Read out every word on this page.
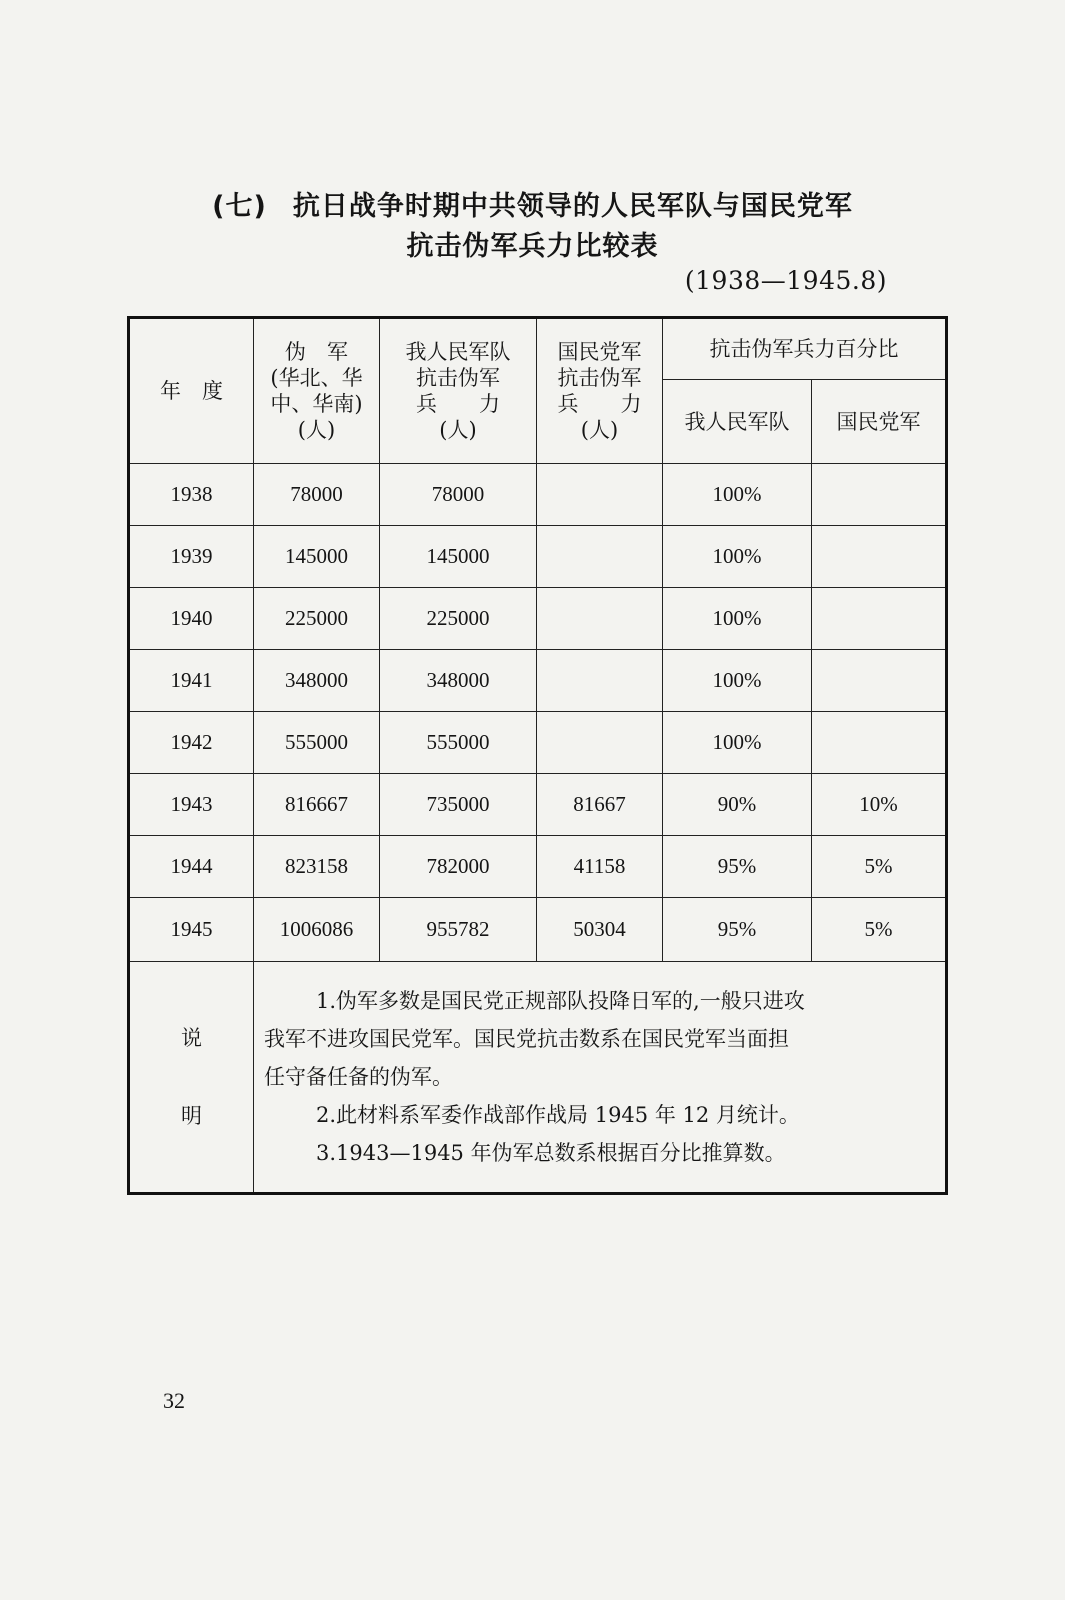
(七) 抗日战争时期中共领导的人民军队与国民党军
抗击伪军兵力比较表
(1938—1945.8)
年　度	伪　军
(华北、华
中、华南)
(人)	我人民军队
抗击伪军
兵　　力
(人)	国民党军
抗击伪军
兵　　力
(人)	抗击伪军兵力百分比	
				我人民军队	国民党军
1938	78000	78000		100%	
1939	145000	145000		100%	
1940	225000	225000		100%	
1941	348000	348000		100%	
1942	555000	555000		100%	
1943	816667	735000	81667	90%	10%
1944	823158	782000	41158	95%	5%
1945	1006086	955782	50304	95%	5%

说
明	1.伪军多数是国民党正规部队投降日军的,一般只进攻
我军不进攻国民党军。国民党抗击数系在国民党军当面担
任守备任备的伪军。
2.此材料系军委作战部作战局 1945 年 12 月统计。
3.1943—1945 年伪军总数系根据百分比推算数。				
32
